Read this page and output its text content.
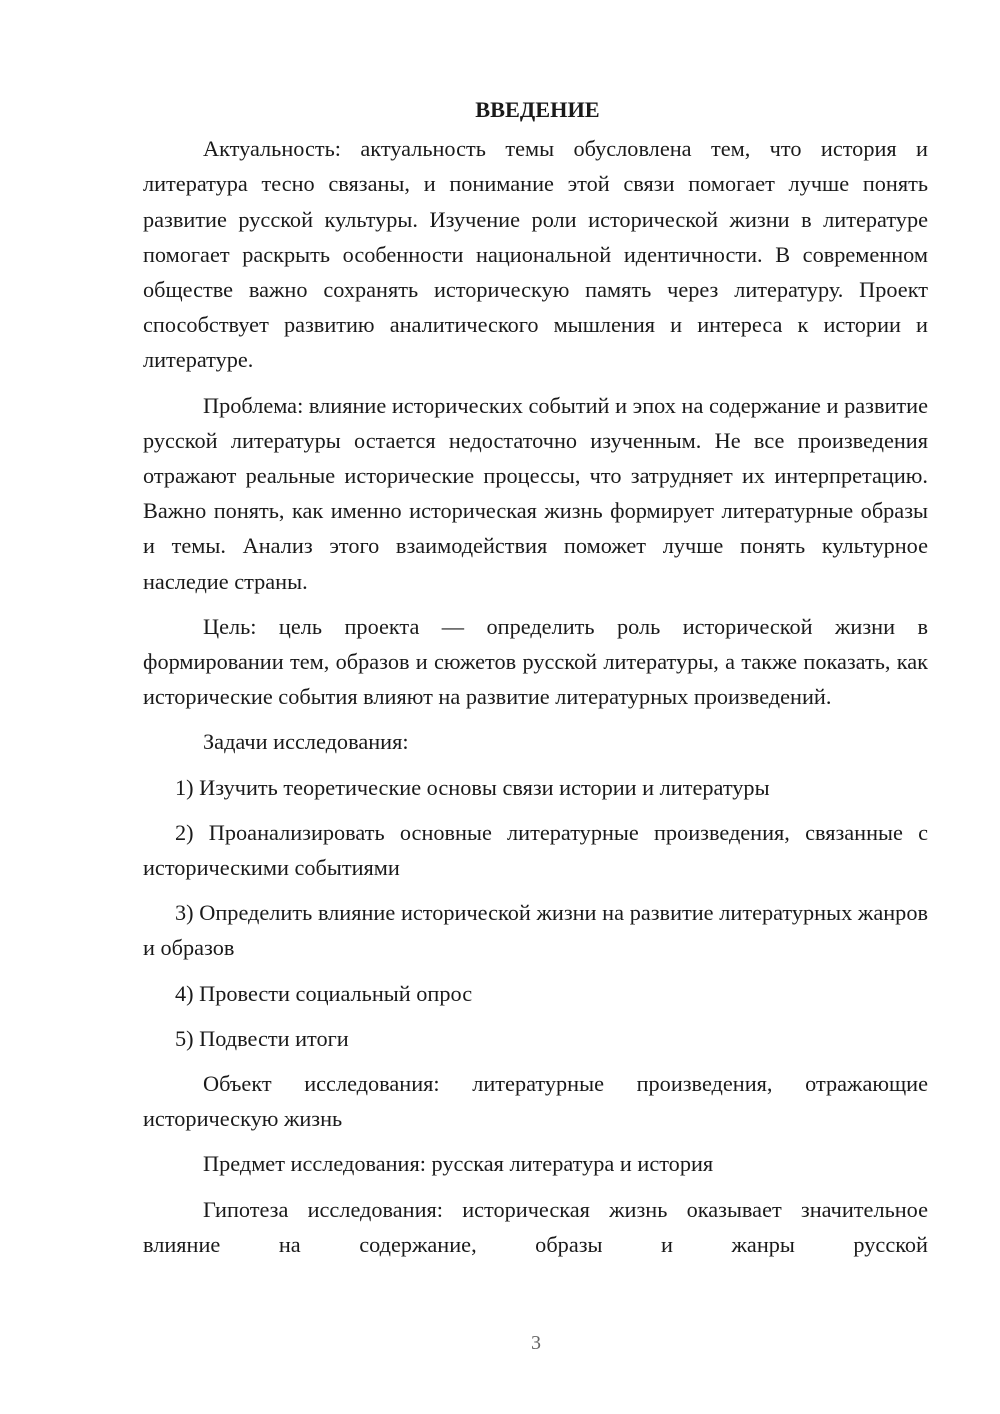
ВВЕДЕНИЕ

Актуальность: актуальность темы обусловлена тем, что история и литература тесно связаны, и понимание этой связи помогает лучше понять развитие русской культуры. Изучение роли исторической жизни в литературе помогает раскрыть особенности национальной идентичности. В современном обществе важно сохранять историческую память через литературу. Проект способствует развитию аналитического мышления и интереса к истории и литературе.

Проблема: влияние исторических событий и эпох на содержание и развитие русской литературы остается недостаточно изученным. Не все произведения отражают реальные исторические процессы, что затрудняет их интерпретацию. Важно понять, как именно историческая жизнь формирует литературные образы и темы. Анализ этого взаимодействия поможет лучше понять культурное наследие страны.

Цель: цель проекта — определить роль исторической жизни в формировании тем, образов и сюжетов русской литературы, а также показать, как исторические события влияют на развитие литературных произведений.

Задачи исследования:

1) Изучить теоретические основы связи истории и литературы

2) Проанализировать основные литературные произведения, связанные с историческими событиями

3) Определить влияние исторической жизни на развитие литературных жанров и образов

4) Провести социальный опрос

5) Подвести итоги

Объект исследования: литературные произведения, отражающие историческую жизнь

Предмет исследования: русская литература и история

Гипотеза исследования: историческая жизнь оказывает значительное влияние на содержание, образы и жанры русской

3
